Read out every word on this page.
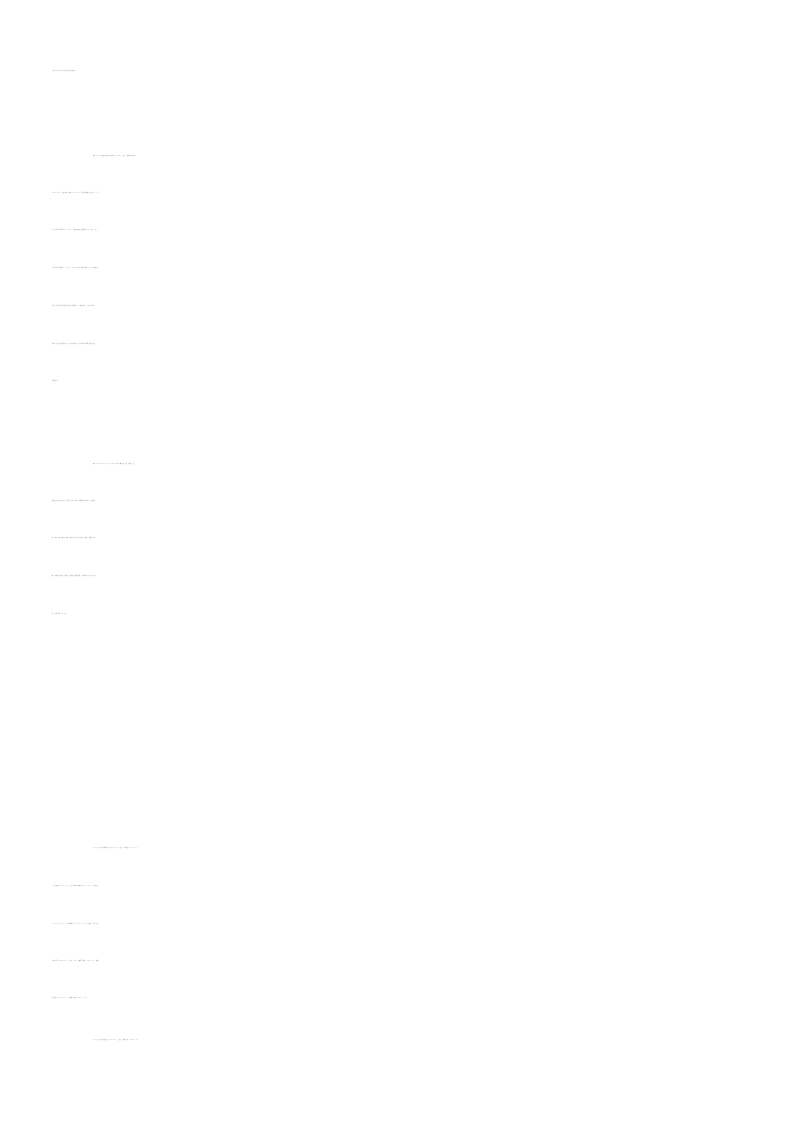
内容为重大公共卫生传染病防治专项培训。
本部门2024年度政府采购支出总额159.18万元，其中：政府采购货物支
出159.18万元、政府采购工程支出159.18万元、政府采购服务支出0万元。授
予中小企业合同金额159.18万元，占政府采购支出总额的100%，其中：授予
小微企业合同金额159.18万元，占授予中小企业合同金额的100%。货物采购
授予中小企业合同金额占货物支出金额的0%，工程采购授予中小企业合同
金额占工程支出金额的100%，服务采购授予中小企业合同金额占服务支出
金额的0%。
截至2024年12月31日，部门（单位）共有车辆4辆，其中，副部（省）
级及以上领导用车0辆、主要负责人用车0辆、机要通信用车0辆、应急保障
用车2辆、执法执勤用车0辆、特种专业技术用车0辆、离退休干部服务用车0
辆、其他用车2辆，其他用车主要是疫苗冷链运输；单位价值100万元以上设
备（不含车辆）0台（套）。
2024 年部门年初预算收入 3816.29 万元，其中：基本支出 1315.74 万
元、项目支出 2500.55 万元（支付系统中基本支出 1354.09 万元、项目支
出 2462.20 万元），年内调增预算 4545.71 万元，上年无结转，全年可执
行预算合计 8362.00 万元，其中：中央、省级资金指标 496.90 万元、县级
资金指标 2540.89 万元，非税收入来源 5324.21 万元。
2024 年部门决算总支出 7325.82 万元，其中：基本支出 1350.61 万元、
